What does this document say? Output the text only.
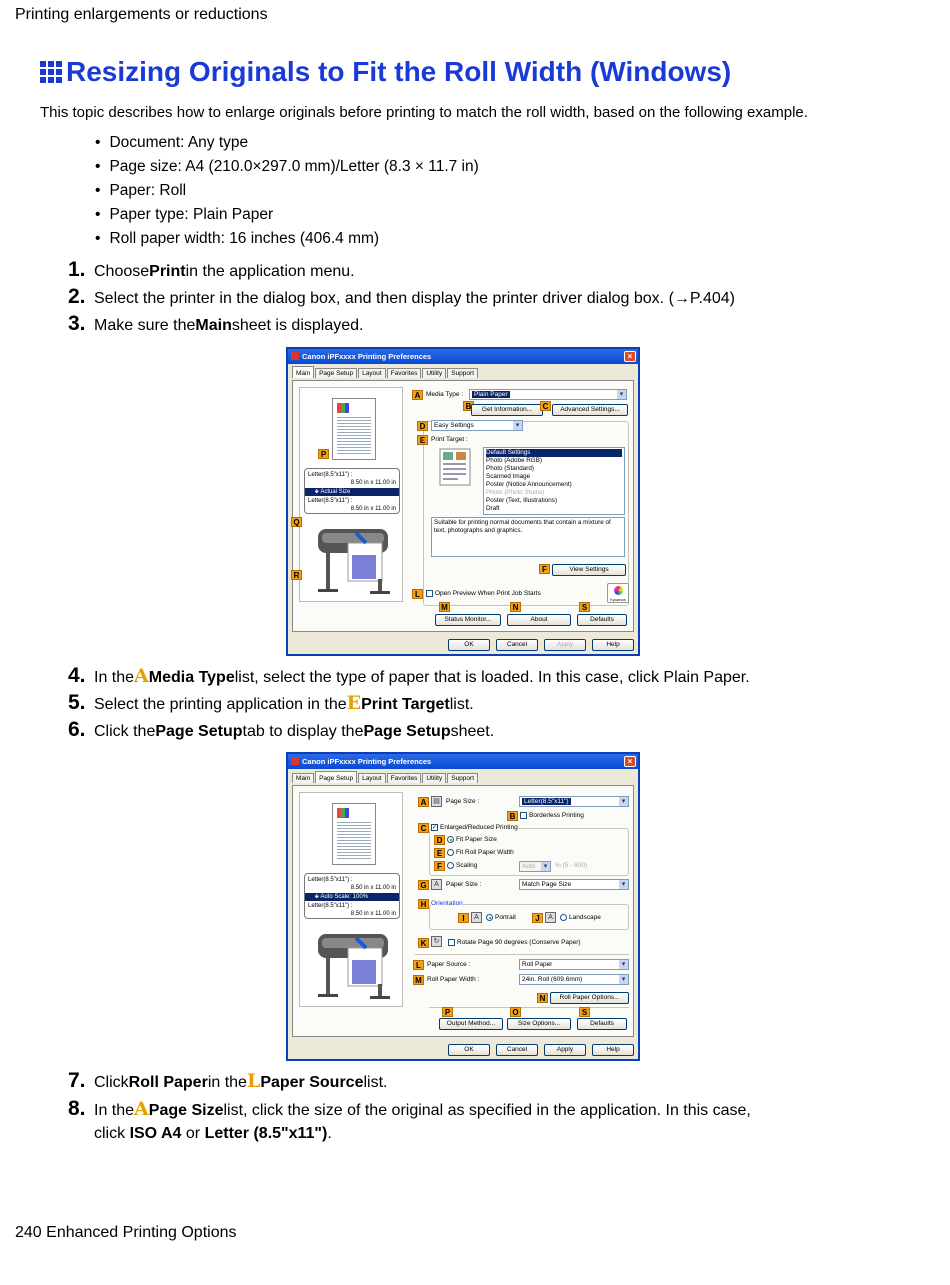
Printing enlargements or reductions
Resizing Originals to Fit the Roll Width (Windows)
This topic describes how to enlarge originals before printing to match the roll width, based on the following example.
• Document: Any type
• Page size: A4 (210.0×297.0 mm)/Letter (8.3 × 11.7 in)
• Paper: Roll
• Paper type: Plain Paper
• Roll paper width: 16 inches (406.4 mm)
1. Choose Print in the application menu.
2. Select the printer in the dialog box, and then display the printer driver dialog box. (→P.404)
3. Make sure the Main sheet is displayed.
Canon iPFxxxx Printing Preferences	×
Main	Page Setup	Layout	Favorites	Utility	Support
Letter(8.5"x11") :
8.50 in x 11.00 in
🡻 Actual Size
Letter(8.5"x11") :
8.50 in x 11.00 in
P
Q
R
A Media Type :	Plain Paper ▾
B	Get Information...	C	Advanced Settings...
D	Easy Settings ▾
E Print Target :
Default Settings
Photo (Adobe RGB)
Photo (Standard)
Scanned Image
Poster (Notice Announcement)
Photo (Photo Studio)
Poster (Text, Illustrations)
Draft
Suitable for printing normal documents that contain a mixture of text, photographs and graphics.
F	View Settings
L	Open Preview When Print Job Starts
Kyuanos
M	N	S
Status Monitor...	About	Defaults
OK	Cancel	Apply	Help
4. In the A Media Type list, select the type of paper that is loaded. In this case, click Plain Paper.
5. Select the printing application in the E Print Target list.
6. Click the Page Setup tab to display the Page Setup sheet.
Canon iPFxxxx Printing Preferences	×
Main	Page Setup	Layout	Favorites	Utility	Support
Letter(8.5"x11") :
8.50 in x 11.00 in
🡻 Auto Scale: 100%
Letter(8.5"x11") :
8.50 in x 11.00 in
A ▤ Page Size :	Letter(8.5"x11") ▾
B	Borderless Printing
C ✓ Enlarged/Reduced Printing
D	Fit Paper Size
E	Fit Roll Paper Width
F	Scaling	Auto ▾	% (5 - 600)
G	A	Paper Size :	Match Page Size ▾
H Orientation
I	A	Portrait	J	A	Landscape
K	↻	Rotate Page 90 degrees (Conserve Paper)
L Paper Source :	Roll Paper ▾
M Roll Paper Width :	24in. Roll (609.6mm) ▾
N	Roll Paper Options...
P	O	S
Output Method...	Size Options...	Defaults
OK	Cancel	Apply	Help
7. Click Roll Paper in the L Paper Source list.
8. In the A Page Size list, click the size of the original as specified in the application. In this case,
click ISO A4 or Letter (8.5"x11").
240 Enhanced Printing Options
